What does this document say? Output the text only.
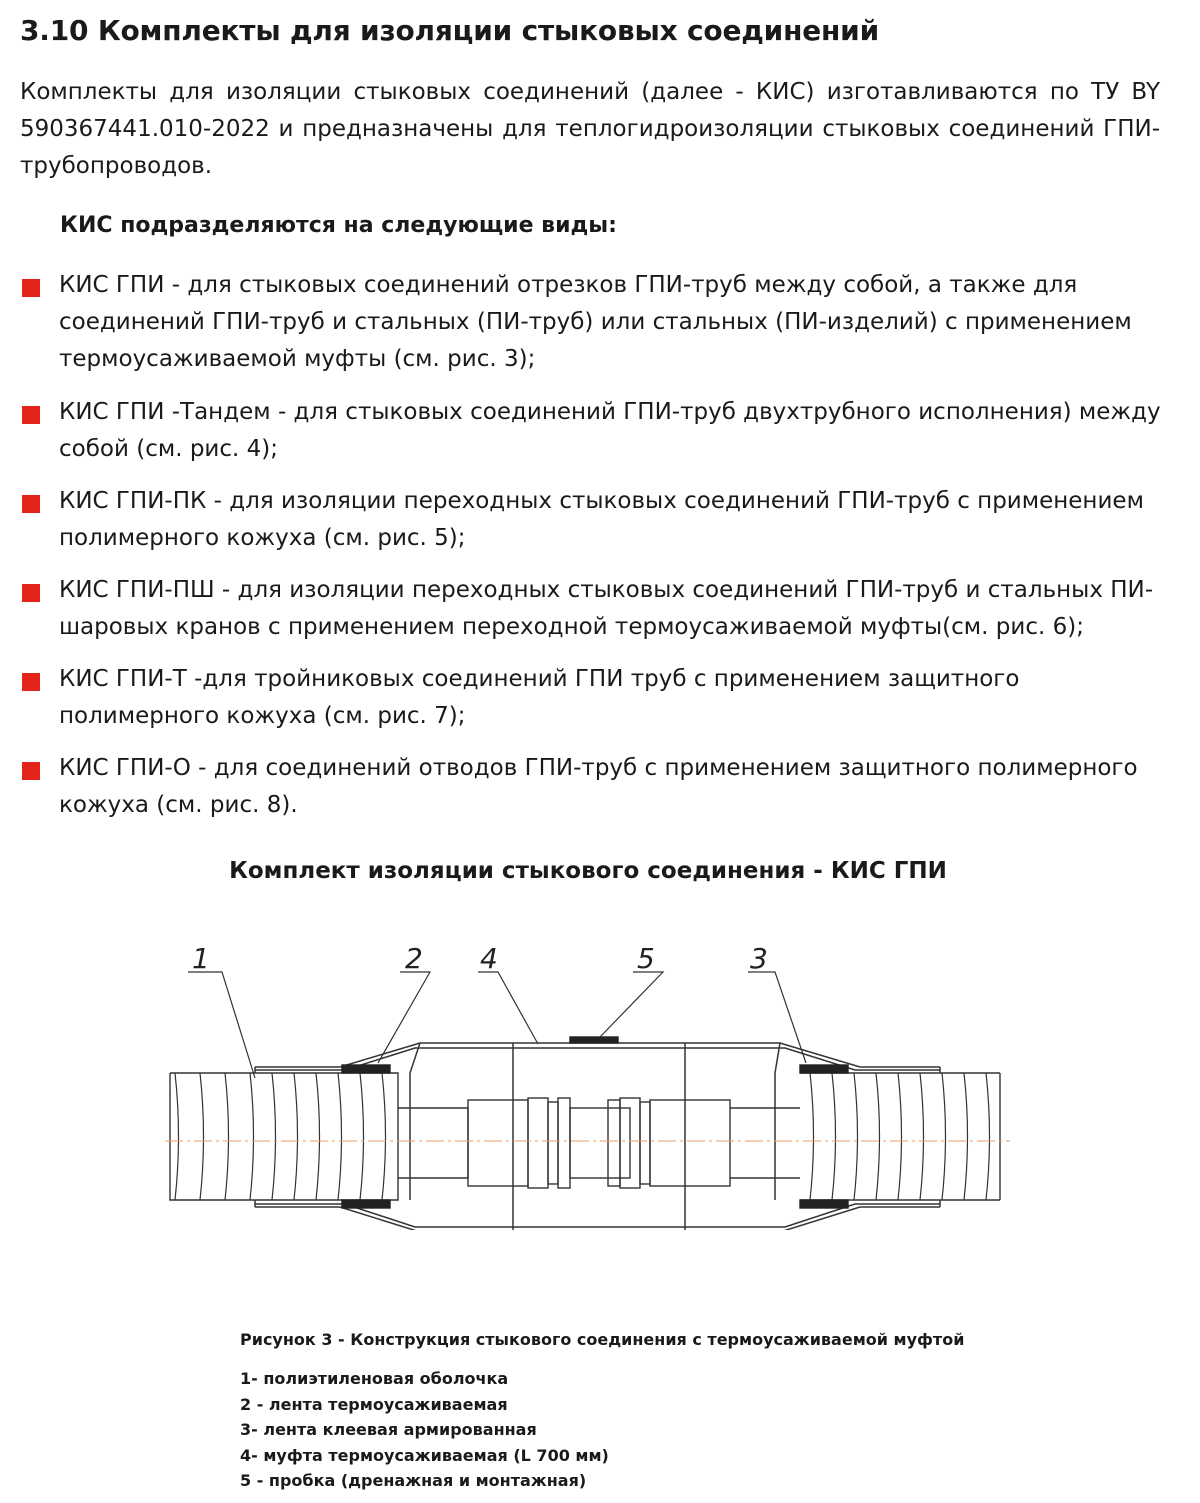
3.10 Комплекты для изоляции стыковых соединений
Комплекты для изоляции стыковых соединений (далее - КИС) изготавливаются по ТУ BY 590367441.010-2022 и предназначены для теплогидроизоляции стыковых соединений ГПИ-трубопроводов.
КИС подразделяются на следующие виды:
КИС ГПИ - для стыковых соединений отрезков ГПИ-труб между собой, а также для соединений ГПИ-труб и стальных (ПИ-труб) или стальных (ПИ-изделий) с применением термоусаживаемой муфты (см. рис. 3);
КИС ГПИ -Тандем - для стыковых соединений ГПИ-труб двухтрубного исполнения) между собой (см. рис. 4);
КИС ГПИ-ПК - для изоляции переходных стыковых соединений ГПИ-труб с применением полимерного кожуха (см. рис. 5);
КИС ГПИ-ПШ - для изоляции переходных стыковых соединений ГПИ-труб и стальных ПИ-шаровых кранов с применением переходной термоусаживаемой муфты(см. рис. 6);
КИС ГПИ-Т -для тройниковых соединений ГПИ труб с применением защитного полимерного кожуха (см. рис. 7);
КИС ГПИ-О - для соединений отводов ГПИ-труб с применением защитного полимерного кожуха (см. рис. 8).
Комплект изоляции стыкового соединения - КИС ГПИ
1	2 4	5	3
Рисунок 3 - Конструкция стыкового соединения с термоусаживаемой муфтой
1- полиэтиленовая оболочка
2 - лента термоусаживаемая
3- лента клеевая армированная
4- муфта термоусаживаемая (L 700 мм)
5 - пробка (дренажная и монтажная)
